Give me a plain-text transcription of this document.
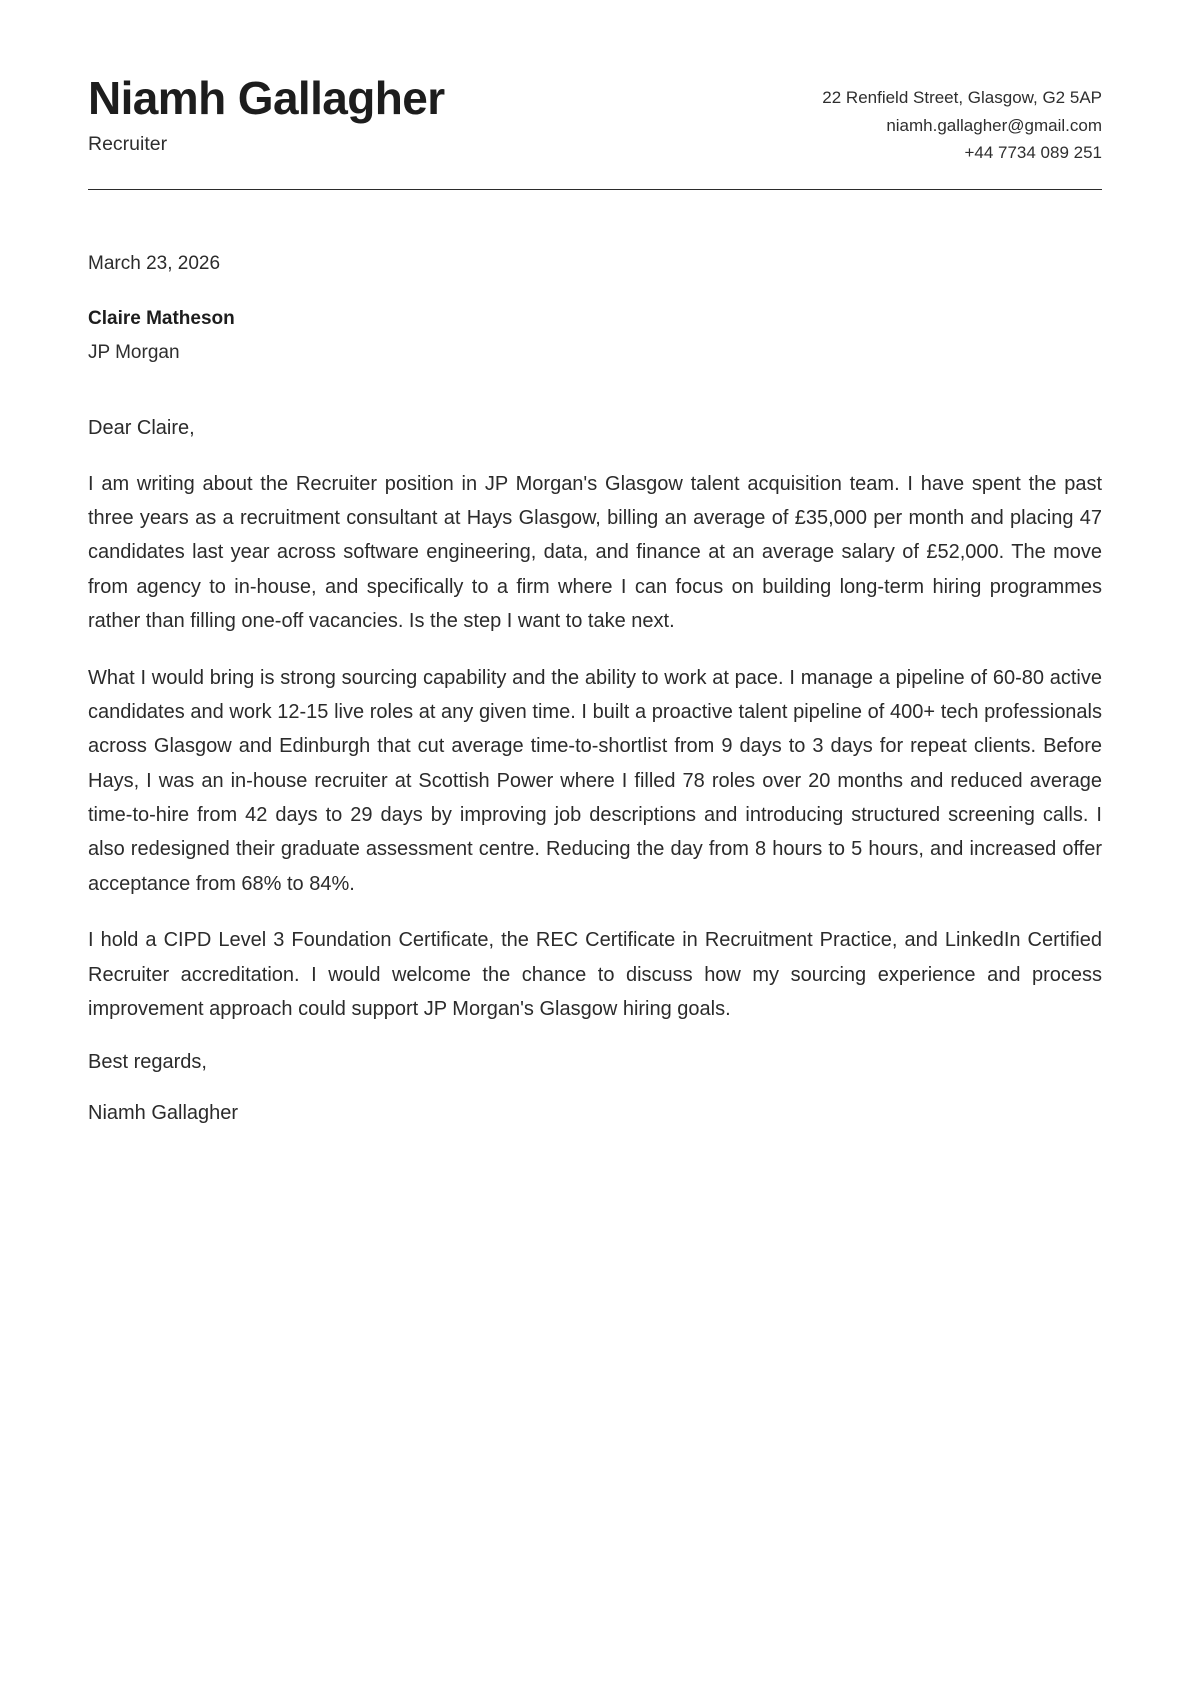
Niamh Gallagher
Recruiter
22 Renfield Street, Glasgow, G2 5AP
niamh.gallagher@gmail.com
+44 7734 089 251
March 23, 2026
Claire Matheson
JP Morgan
Dear Claire,

I am writing about the Recruiter position in JP Morgan's Glasgow talent acquisition team. I have spent the past three years as a recruitment consultant at Hays Glasgow, billing an average of £35,000 per month and placing 47 candidates last year across software engineering, data, and finance at an average salary of £52,000. The move from agency to in-house, and specifically to a firm where I can focus on building long-term hiring programmes rather than filling one-off vacancies. Is the step I want to take next.

What I would bring is strong sourcing capability and the ability to work at pace. I manage a pipeline of 60-80 active candidates and work 12-15 live roles at any given time. I built a proactive talent pipeline of 400+ tech professionals across Glasgow and Edinburgh that cut average time-to-shortlist from 9 days to 3 days for repeat clients. Before Hays, I was an in-house recruiter at Scottish Power where I filled 78 roles over 20 months and reduced average time-to-hire from 42 days to 29 days by improving job descriptions and introducing structured screening calls. I also redesigned their graduate assessment centre. Reducing the day from 8 hours to 5 hours, and increased offer acceptance from 68% to 84%.

I hold a CIPD Level 3 Foundation Certificate, the REC Certificate in Recruitment Practice, and LinkedIn Certified Recruiter accreditation. I would welcome the chance to discuss how my sourcing experience and process improvement approach could support JP Morgan's Glasgow hiring goals.

Best regards,
Niamh Gallagher
